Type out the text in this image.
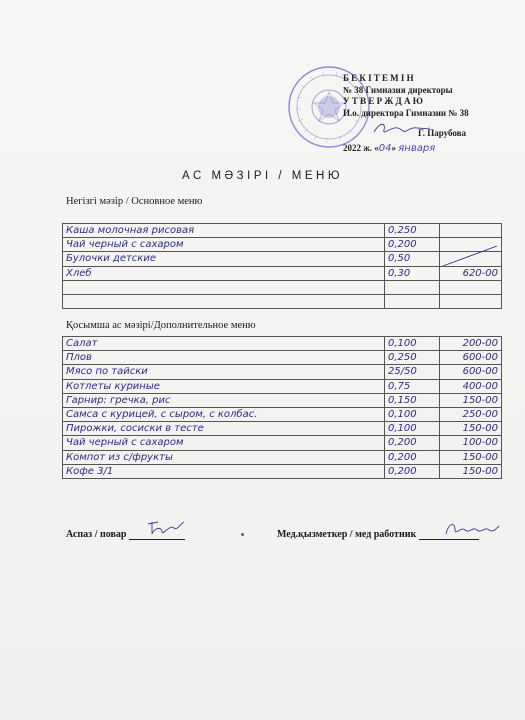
БЕКІТЕМІН
№ 38 Гимназия директоры
У Т В Е Р Ж Д А Ю
И.о. директора Гимназии № 38
Г. Парубова
2022 ж. «04» января
АС МӘЗІРІ / МЕНЮ
Негізгі мәзір / Основное меню
Каша молочная рисовая	0,250	
Чай черный с сахаром	0,200	
Булочки детские	0,50	
Хлеб	0,30	620-00

Қосымша ас мәзірі/Дополнительное меню
Салат	0,100	200-00
Плов	0,250	600-00
Мясо по тайски	25/50	600-00
Котлеты куриные	0,75	400-00
Гарнир: гречка, рис	0,150	150-00
Самса с курицей, с сыром, с колбас.	0,100	250-00
Пирожки, сосиски в тесте	0,100	150-00
Чай черный с сахаром	0,200	100-00
Компот из с/фрукты	0,200	150-00
Кофе 3/1	0,200	150-00
Аспаз / повар	Мед.қызметкер / мед работник
